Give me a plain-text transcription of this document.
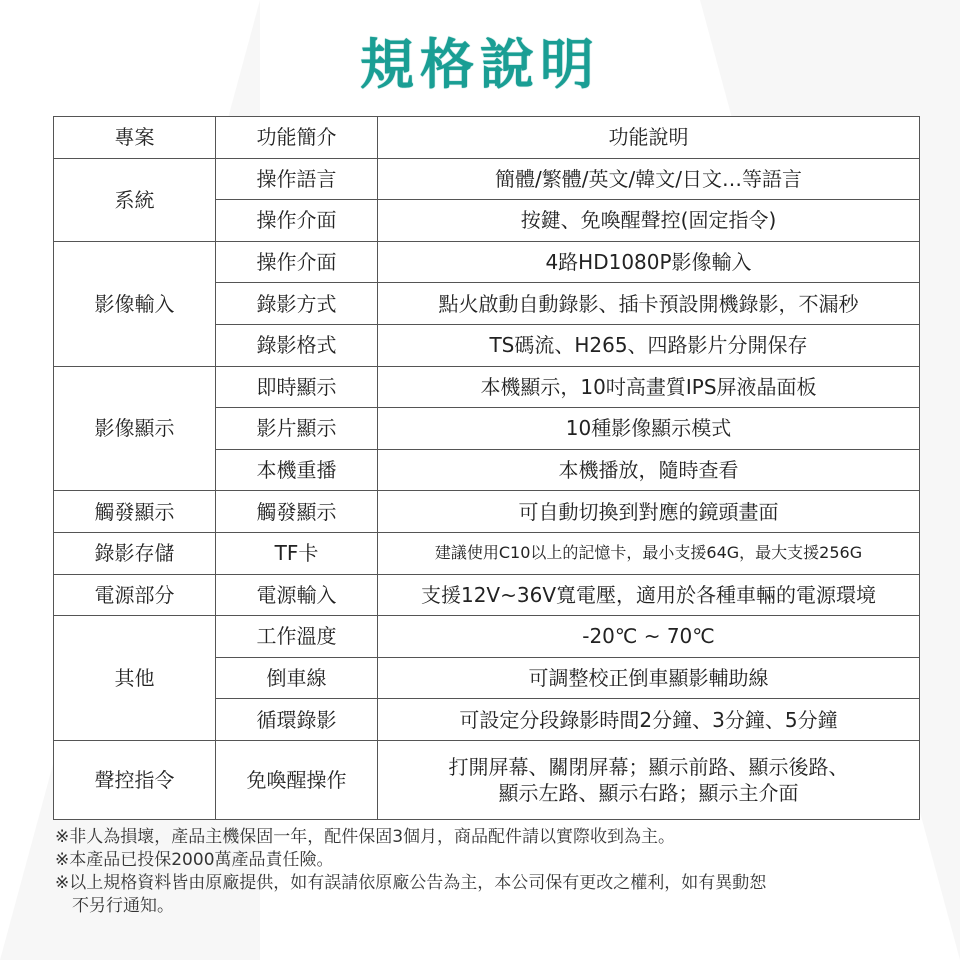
規格說明
專案	功能簡介	功能說明
系統	操作語言	簡體/繁體/英文/韓文/日文…等語言
	操作介面	按鍵、免喚醒聲控(固定指令)
影像輸入	操作介面	4路HD1080P影像輸入
	錄影方式	點火啟動自動錄影、插卡預設開機錄影，不漏秒
	錄影格式	TS碼流、H265、四路影片分開保存
影像顯示	即時顯示	本機顯示，10吋高畫質IPS屏液晶面板
	影片顯示	10種影像顯示模式
	本機重播	本機播放，隨時查看
觸發顯示	觸發顯示	可自動切換到對應的鏡頭畫面
錄影存儲	TF卡	建議使用C10以上的記憶卡，最小支援64G，最大支援256G
電源部分	電源輸入	支援12V~36V寬電壓，適用於各種車輛的電源環境
其他	工作溫度	-20℃ ~ 70℃
	倒車線	可調整校正倒車顯影輔助線
	循環錄影	可設定分段錄影時間2分鐘、3分鐘、5分鐘
聲控指令	免喚醒操作	打開屏幕、關閉屏幕；顯示前路、顯示後路、
顯示左路、顯示右路；顯示主介面

※非人為損壞，產品主機保固一年，配件保固3個月，商品配件請以實際收到為主。

※本產品已投保2000萬產品責任險。

※以上規格資料皆由原廠提供，如有誤請依原廠公告為主，本公司保有更改之權利，如有異動恕

　不另行通知。
